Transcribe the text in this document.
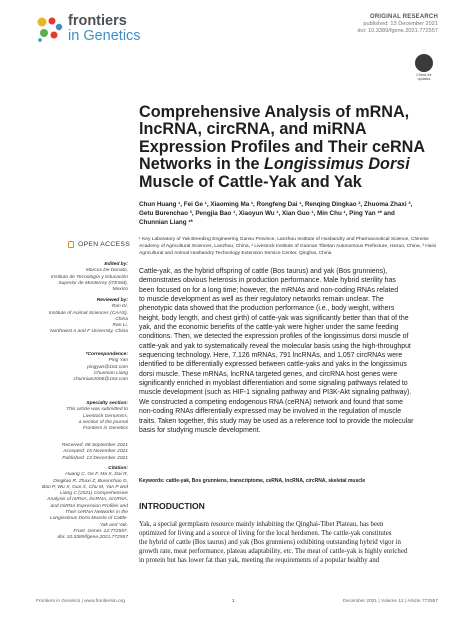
frontiers
in Genetics
ORIGINAL RESEARCH
published: 13 December 2021
doi: 10.3389/fgene.2021.772557
Check for updates
Comprehensive Analysis of mRNA,
lncRNA, circRNA, and miRNA
Expression Profiles and Their ceRNA
Networks in the Longissimus Dorsi
Muscle of Cattle-Yak and Yak
Chun Huang ¹, Fei Ge ¹, Xiaoming Ma ¹, Rongfeng Dai ¹, Renqing Dingkao ², Zhuoma Zhaxi ³,
Getu Burenchao ³, Pengjia Bao ¹, Xiaoyun Wu ¹, Xian Guo ¹, Min Chu ¹, Ping Yan ¹* and
Chunnian Liang ¹*
¹ Key Laboratory of Yak Breeding Engineering Gansu Province, Lanzhou Institute of Husbandry and Pharmaceutical Science, Chinese Academy of Agricultural Sciences, Lanzhou, China, ² Livestock Institute of Gannan Tibetan Autonomous Prefecture, Hezuo, China, ³ Haixi Agricultural and Animal Husbandry Technology Extension Service Center, Qinghai, China
OPEN ACCESS
Edited by:
Marcos De Donato,
Instituto de Tecnología y Educación
Superior de Monterrey (ITESM),
Mexico
Reviewed by:
Ran Di,
Institute of Animal Sciences (CAAS),
China
Ran Li,
Northwest A and F University, China
*Correspondence:
Ping Yan
pingyan@163.com
Chunnian Liang
chunnian2006@163.com
Specialty section:
This article was submitted to
Livestock Genomics,
a section of the journal
Frontiers in Genetics
Received: 08 September 2021
Accepted: 15 November 2021
Published: 13 December 2021
Citation:
Huang C, Ge F, Ma X, Dai R,
Dingkao R, Zhaxi Z, Burenchao G,
Bao P, Wu X, Guo X, Chu M, Yan P and
Liang C (2021) Comprehensive
Analysis of mRNA, lncRNA, circRNA,
and miRNA Expression Profiles and
Their ceRNA Networks in the
Longissimus Dorsi Muscle of Cattle-
Yak and Yak.
Front. Genet. 12:772557.
doi: 10.3389/fgene.2021.772557
Cattle-yak, as the hybrid offspring of cattle (Bos taurus) and yak (Bos grunniens),
demonstrates obvious heterosis in production performance. Male hybrid sterility has
been focused on for a long time; however, the mRNAs and non-coding RNAs related
to muscle development as well as their regulatory networks remain unclear. The
phenotypic data showed that the production performance (i.e., body weight, withers
height, body length, and chest girth) of cattle-yak was significantly better than that of the
yak, and the economic benefits of the cattle-yak were higher under the same feeding
conditions. Then, we detected the expression profiles of the longissimus dorsi muscle of
cattle-yak and yak to systematically reveal the molecular basis using the high-throughput
sequencing technology. Here, 7,126 mRNAs, 791 lncRNAs, and 1,057 circRNAs were
identified to be differentially expressed between cattle-yaks and yaks in the longissimus
dorsi muscle. These mRNAs, lncRNA targeted genes, and circRNA host genes were
significantly enriched in myoblast differentiation and some signaling pathways related to
muscle development (such as HIF-1 signaling pathway and PI3K-Akt signaling pathway).
We constructed a competing endogenous RNA (ceRNA) network and found that some
non-coding RNAs differentially expressed may be involved in the regulation of muscle
traits. Taken together, this study may be used as a reference tool to provide the molecular
basis for studying muscle development.
Keywords: cattle-yak, Bos grunniens, transcriptome, ceRNA, lncRNA, circRNA, skeletal muscle
INTRODUCTION
Yak, a special germplasm resource mainly inhabiting the Qinghai-Tibet Plateau, has been
optimized for living and a source of living for the local herdsmen. The cattle-yak constitutes
the hybrid of cattle (Bos taurus) and yak (Bos grunniens) exhibiting outstanding hybrid vigor in
growth rate, meat performance, plateau adaptability, etc. The meat of cattle-yak is highly enriched
in protein but has lower fat than yak, meeting the requirements of a popular healthy and
Frontiers in Genetics | www.frontiersin.org	1	December 2021 | Volume 12 | Article 772557
